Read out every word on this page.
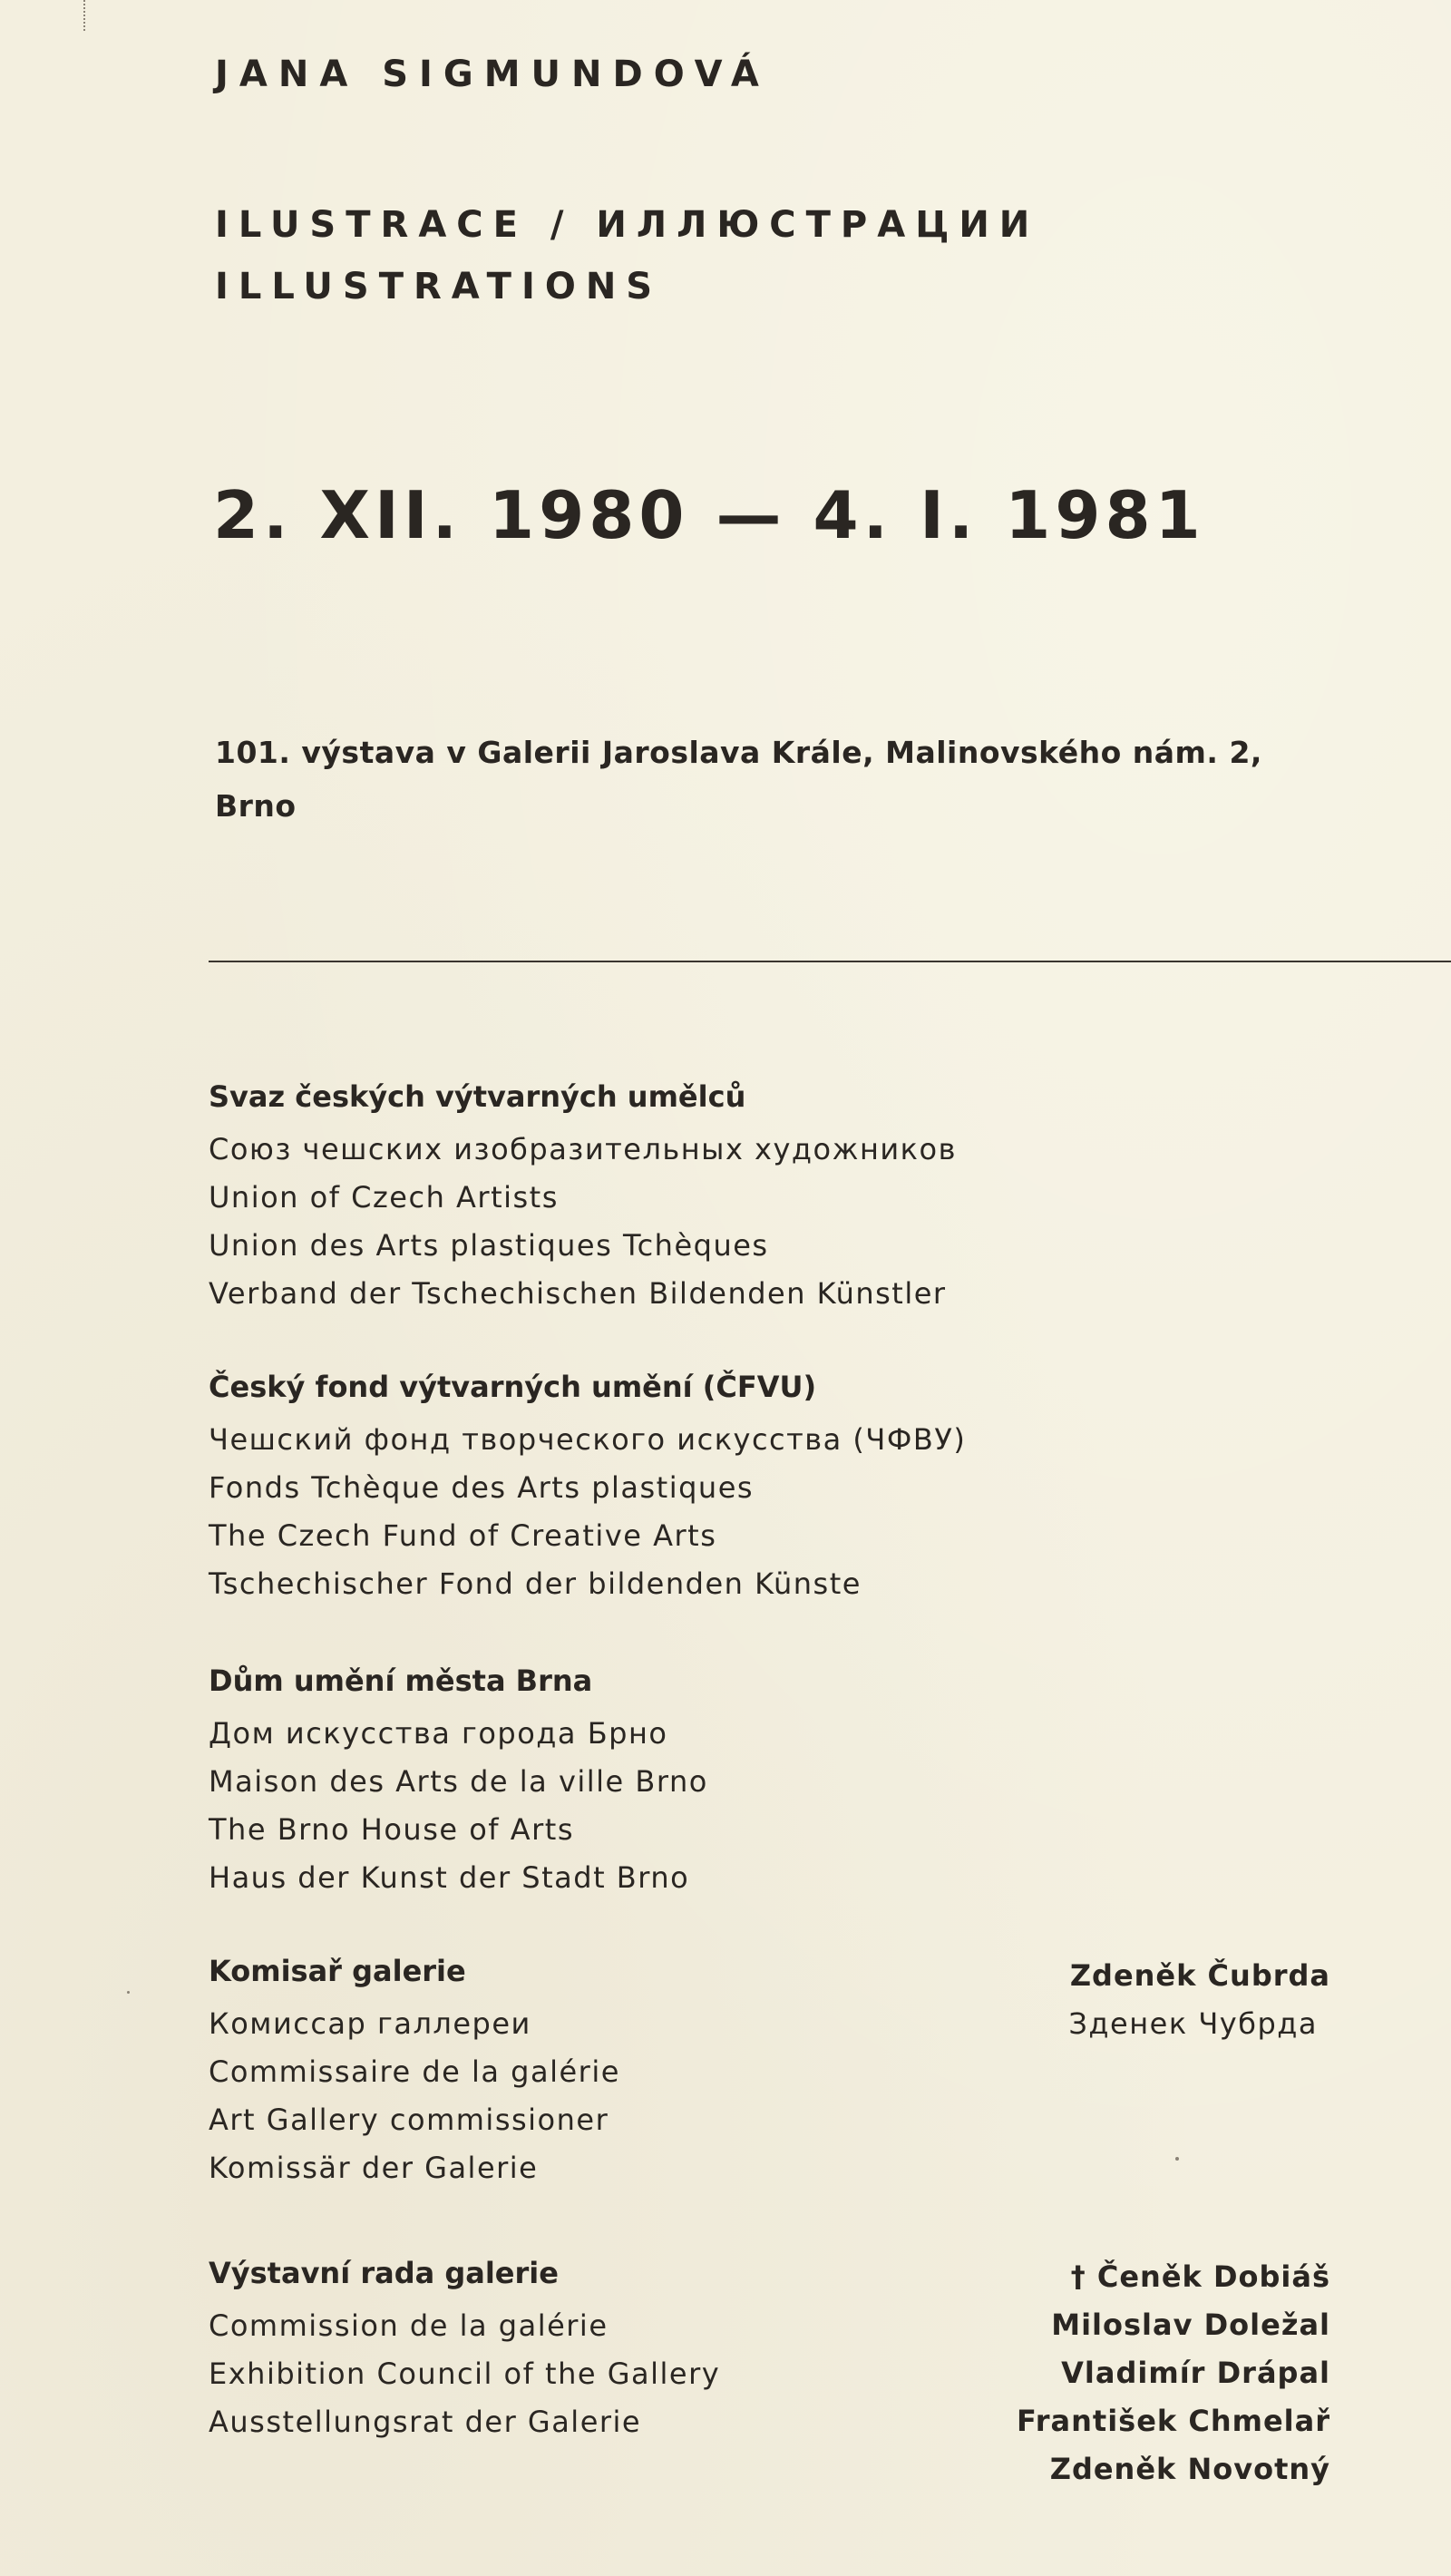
JANA SIGMUNDOVÁ
ILUSTRACE / ИЛЛЮСТРАЦИИ
ILLUSTRATIONS
2. XII. 1980 — 4. I. 1981
101. výstava v Galerii Jaroslava Krále, Malinovského nám. 2,
Brno
Svaz českých výtvarných umělců
Союз чешских изобразительных художников
Union of Czech Artists
Union des Arts plastiques Tchèques
Verband der Tschechischen Bildenden Künstler
Český fond výtvarných umění (ČFVU)
Чешский фонд творческого искусства (ЧФВУ)
Fonds Tchèque des Arts plastiques
The Czech Fund of Creative Arts
Tschechischer Fond der bildenden Künste
Dům umění města Brna
Дом искусства города Брно
Maison des Arts de la ville Brno
The Brno House of Arts
Haus der Kunst der Stadt Brno
Komisař galerie
Комиссар галлереи
Commissaire de la galérie
Art Gallery commissioner
Komissär der Galerie
Zdeněk Čubrda
Зденек Чубрда
Výstavní rada galerie
Commission de la galérie
Exhibition Council of the Gallery
Ausstellungsrat der Galerie
† Čeněk Dobiáš
Miloslav Doležal
Vladimír Drápal
František Chmelař
Zdeněk Novotný
